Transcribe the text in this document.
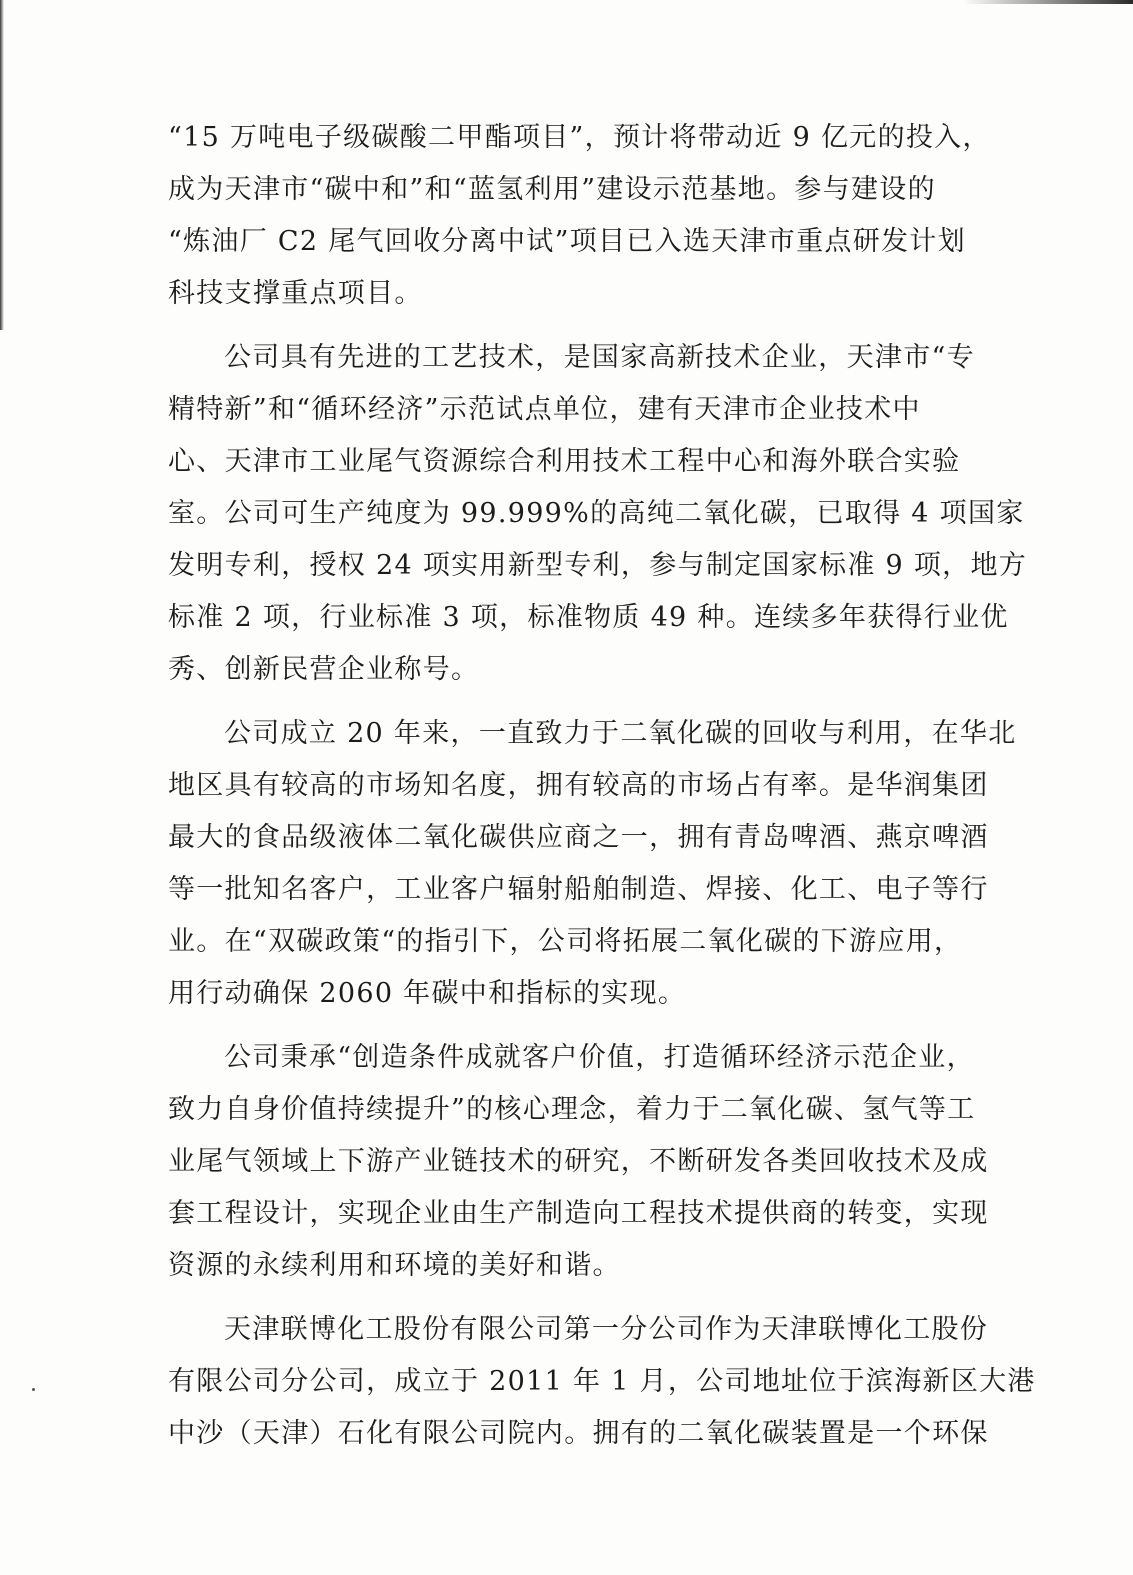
“15 万吨电子级碳酸二甲酯项目”，预计将带动近 9 亿元的投入，
成为天津市“碳中和”和“蓝氢利用”建设示范基地。参与建设的
“炼油厂 C2 尾气回收分离中试”项目已入选天津市重点研发计划
科技支撑重点项目。
公司具有先进的工艺技术，是国家高新技术企业，天津市“专
精特新”和“循环经济”示范试点单位，建有天津市企业技术中
心、天津市工业尾气资源综合利用技术工程中心和海外联合实验
室。公司可生产纯度为 99.999%的高纯二氧化碳，已取得 4 项国家
发明专利，授权 24 项实用新型专利，参与制定国家标准 9 项，地方
标准 2 项，行业标准 3 项，标准物质 49 种。连续多年获得行业优
秀、创新民营企业称号。
公司成立 20 年来，一直致力于二氧化碳的回收与利用，在华北
地区具有较高的市场知名度，拥有较高的市场占有率。是华润集团
最大的食品级液体二氧化碳供应商之一，拥有青岛啤酒、燕京啤酒
等一批知名客户，工业客户辐射船舶制造、焊接、化工、电子等行
业。在“双碳政策“的指引下，公司将拓展二氧化碳的下游应用，
用行动确保 2060 年碳中和指标的实现。
公司秉承“创造条件成就客户价值，打造循环经济示范企业，
致力自身价值持续提升”的核心理念，着力于二氧化碳、氢气等工
业尾气领域上下游产业链技术的研究，不断研发各类回收技术及成
套工程设计，实现企业由生产制造向工程技术提供商的转变，实现
资源的永续利用和环境的美好和谐。
天津联博化工股份有限公司第一分公司作为天津联博化工股份
有限公司分公司，成立于 2011 年 1 月，公司地址位于滨海新区大港
中沙（天津）石化有限公司院内。拥有的二氧化碳装置是一个环保
